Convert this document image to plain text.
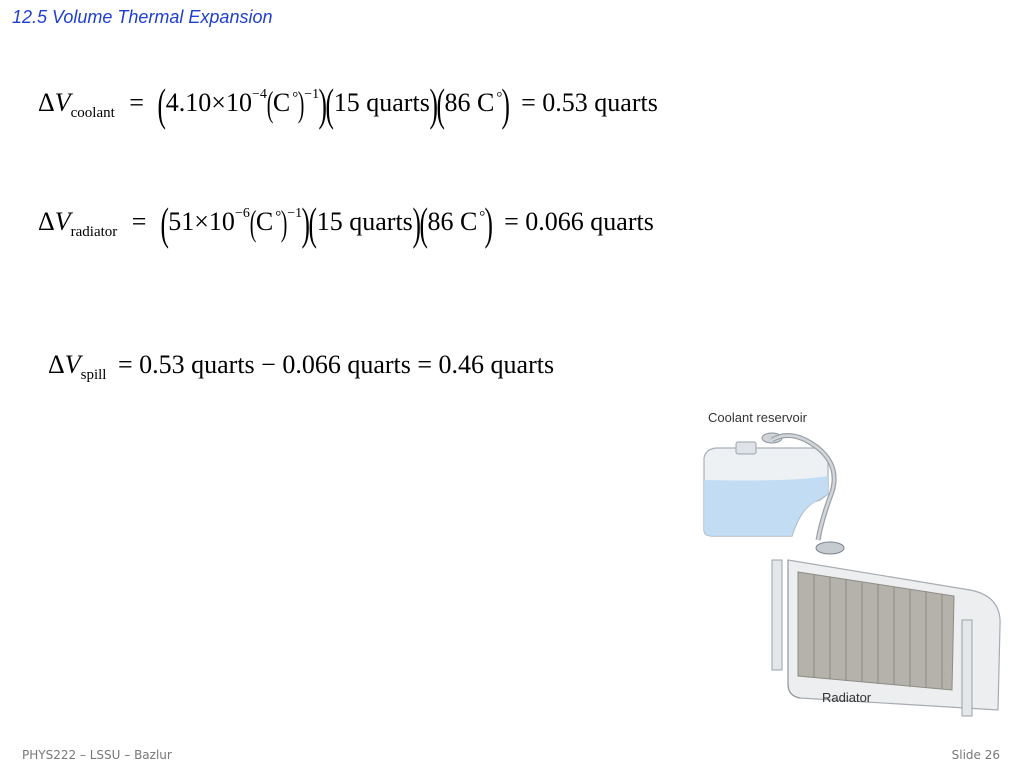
12.5 Volume Thermal Expansion
$\Delta V_{coolant} = (4.10\times 10^{-4}(C$ °)$^{-1}$)(15 quarts)(86 C °) = 0.53 quarts
$\Delta V_{radiator} = (51\times 10^{-6}(C$ °)$^{-1}$)(15 quarts)(86 C °) = 0.066 quarts
$\Delta V_{spill} = 0.53$ quarts − 0.066 quarts = 0.46 quarts
Coolant reservoir
Radiator
PHYS222 – LSSU – Bazlur	Slide 26
